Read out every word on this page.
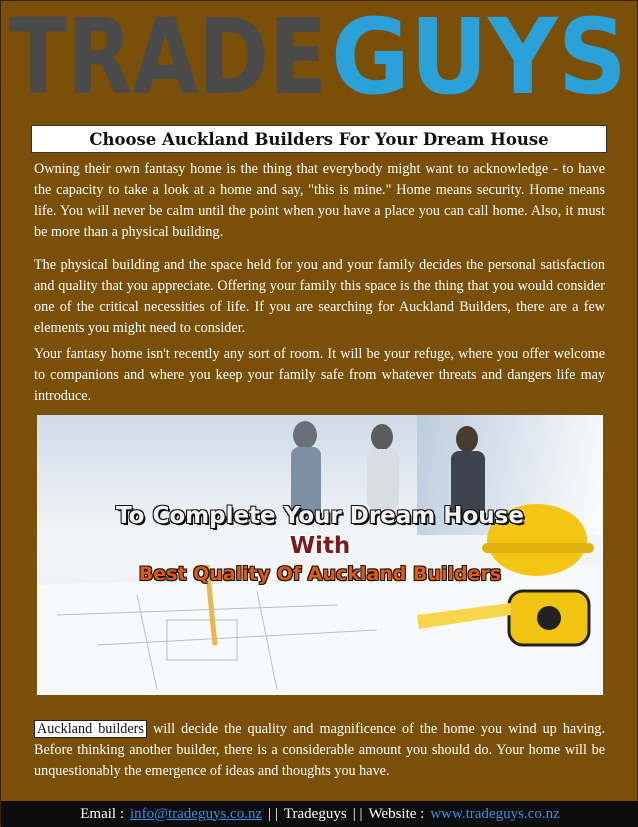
TRADE GUYS
Choose Auckland Builders For Your Dream House

Owning their own fantasy home is the thing that everybody might want to acknowledge - to have the capacity to take a look at a home and say, "this is mine." Home means security. Home means life. You will never be calm until the point when you have a place you can call home. Also, it must be more than a physical building.

The physical building and the space held for you and your family decides the personal satisfaction and quality that you appreciate. Offering your family this space is the thing that you would consider one of the critical necessities of life. If you are searching for Auckland Builders, there are a few elements you might need to consider.

Your fantasy home isn't recently any sort of room. It will be your refuge, where you offer welcome to companions and where you keep your family safe from whatever threats and dangers life may introduce.

To Complete Your Dream House
With
Best Quality Of Auckland Builders

Auckland builders will decide the quality and magnificence of the home you wind up having. Before thinking another builder, there is a considerable amount you should do. Your home will be unquestionably the emergence of ideas and thoughts you have.

Email : info@tradeguys.co.nz | | Tradeguys | | Website : www.tradeguys.co.nz
